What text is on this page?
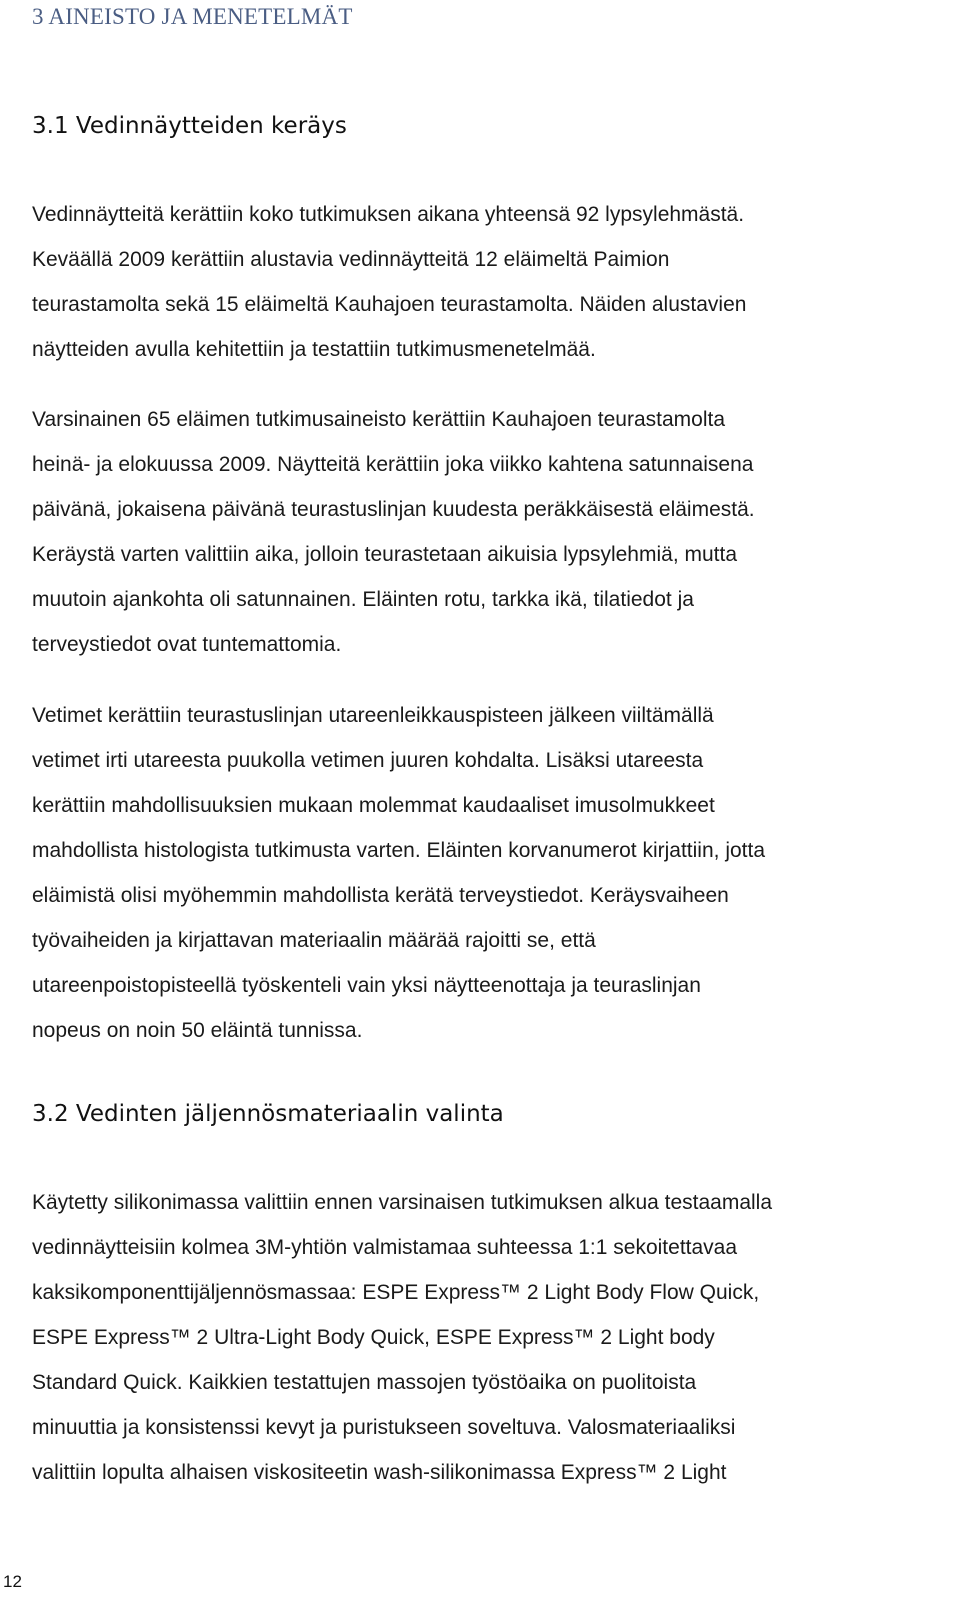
3 AINEISTO JA MENETELMÄT
3.1 Vedinnäytteiden keräys
Vedinnäytteitä kerättiin koko tutkimuksen aikana yhteensä 92 lypsylehmästä.
Keväällä 2009 kerättiin alustavia vedinnäytteitä 12 eläimeltä Paimion
teurastamolta sekä 15 eläimeltä Kauhajoen teurastamolta. Näiden alustavien
näytteiden avulla kehitettiin ja testattiin tutkimusmenetelmää.
Varsinainen 65 eläimen tutkimusaineisto kerättiin Kauhajoen teurastamolta
heinä- ja elokuussa 2009. Näytteitä kerättiin joka viikko kahtena satunnaisena
päivänä, jokaisena päivänä teurastuslinjan kuudesta peräkkäisestä eläimestä.
Keräystä varten valittiin aika, jolloin teurastetaan aikuisia lypsylehmiä, mutta
muutoin ajankohta oli satunnainen. Eläinten rotu, tarkka ikä, tilatiedot ja
terveystiedot ovat tuntemattomia.
Vetimet kerättiin teurastuslinjan utareenleikkauspisteen jälkeen viiltämällä
vetimet irti utareesta puukolla vetimen juuren kohdalta. Lisäksi utareesta
kerättiin mahdollisuuksien mukaan molemmat kaudaaliset imusolmukkeet
mahdollista histologista tutkimusta varten. Eläinten korvanumerot kirjattiin, jotta
eläimistä olisi myöhemmin mahdollista kerätä terveystiedot. Keräysvaiheen
työvaiheiden ja kirjattavan materiaalin määrää rajoitti se, että
utareenpoistopisteellä työskenteli vain yksi näytteenottaja ja teuraslinjan
nopeus on noin 50 eläintä tunnissa.
3.2 Vedinten jäljennösmateriaalin valinta
Käytetty silikonimassa valittiin ennen varsinaisen tutkimuksen alkua testaamalla
vedinnäytteisiin kolmea 3M-yhtiön valmistamaa suhteessa 1:1 sekoitettavaa
kaksikomponenttijäljennösmassaa: ESPE Express™ 2 Light Body Flow Quick,
ESPE Express™ 2 Ultra-Light Body Quick, ESPE Express™ 2 Light body
Standard Quick. Kaikkien testattujen massojen työstöaika on puolitoista
minuuttia ja konsistenssi kevyt ja puristukseen soveltuva. Valosmateriaaliksi
valittiin lopulta alhaisen viskositeetin wash-silikonimassa Express™ 2 Light
12
